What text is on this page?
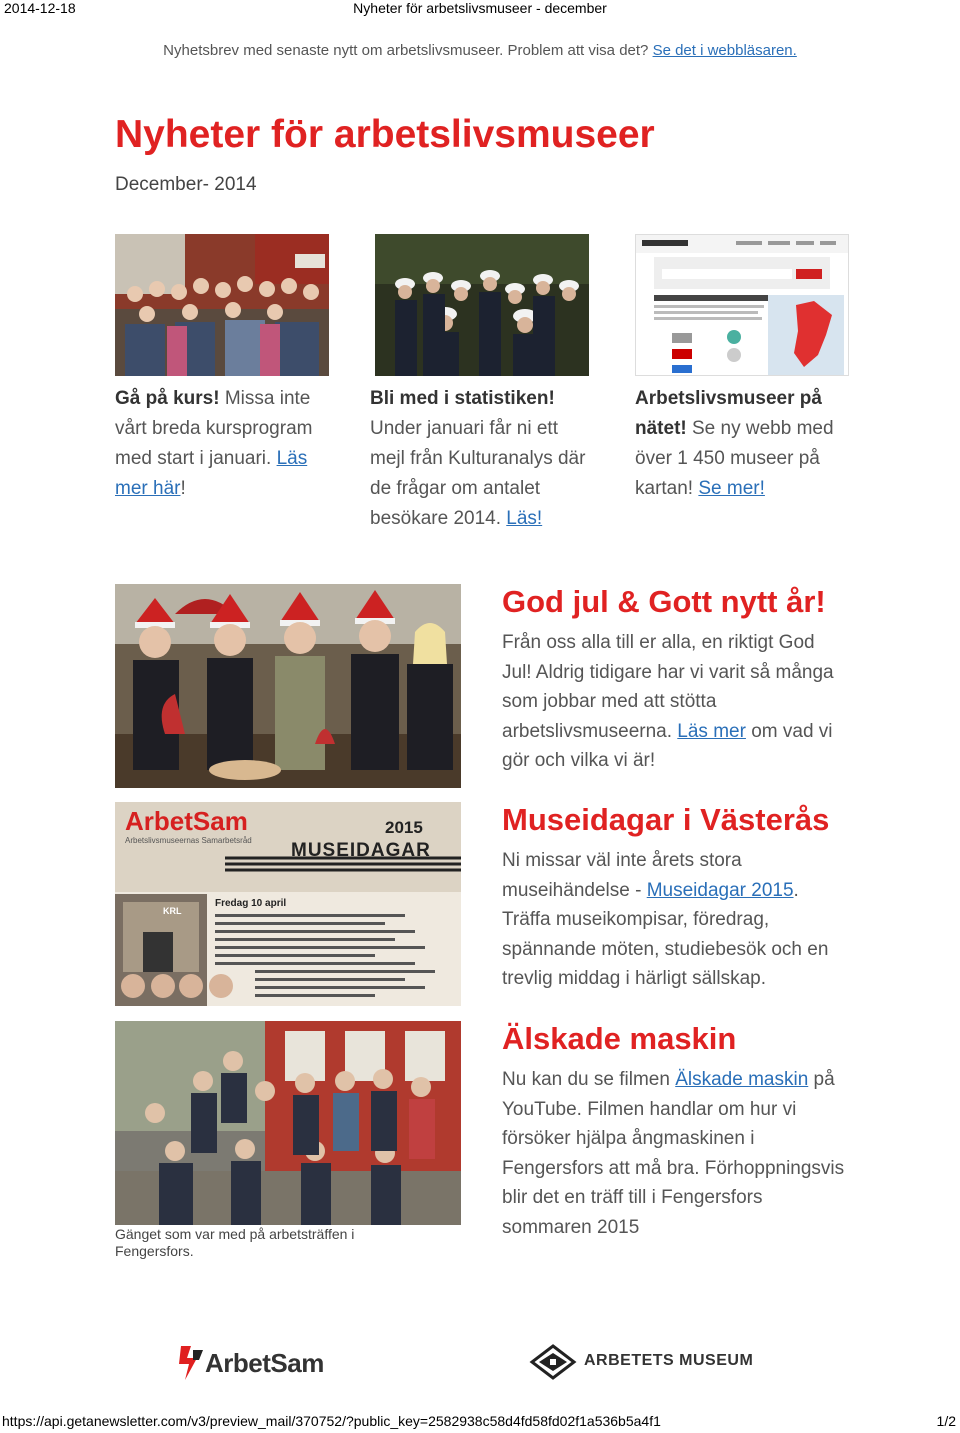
2014-12-18	Nyheter för arbetslivsmuseer - december
Nyhetsbrev med senaste nytt om arbetslivsmuseer. Problem att visa det? Se det i webbläsaren.
Nyheter för arbetslivsmuseer
December- 2014
Gå på kurs! Missa inte vårt breda kursprogram med start i januari. Läs mer här!
Bli med i statistiken! Under januari får ni ett mejl från Kulturanalys där de frågar om antalet besökare 2014. Läs!
Arbetslivsmuseer på nätet! Se ny webb med över 1 450 museer på kartan! Se mer!
ArbetSam
Arbetslivsmuseernas Samarbetsråd
2015
MUSEIDAGAR
Fredag 10 april
KRL
Gänget som var med på arbetsträffen i Fengersfors.
God jul & Gott nytt år!
Från oss alla till er alla, en riktigt God Jul! Aldrig tidigare har vi varit så många som jobbar med att stötta arbetslivsmuseerna. Läs mer om vad vi gör och vilka vi är!
Museidagar i Västerås
Ni missar väl inte årets stora museihändelse - Museidagar 2015. Träffa museikompisar, föredrag, spännande möten, studiebesök och en trevlig middag i härligt sällskap.
Älskade maskin
Nu kan du se filmen Älskade maskin på YouTube. Filmen handlar om hur vi försöker hjälpa ångmaskinen i Fengersfors att må bra. Förhoppningsvis blir det en träff till i Fengersfors sommaren 2015
ArbetSam	ARBETETS MUSEUM
https://api.getanewsletter.com/v3/preview_mail/370752/?public_key=2582938c58d4fd58fd02f1a536b5a4f1	1/2
